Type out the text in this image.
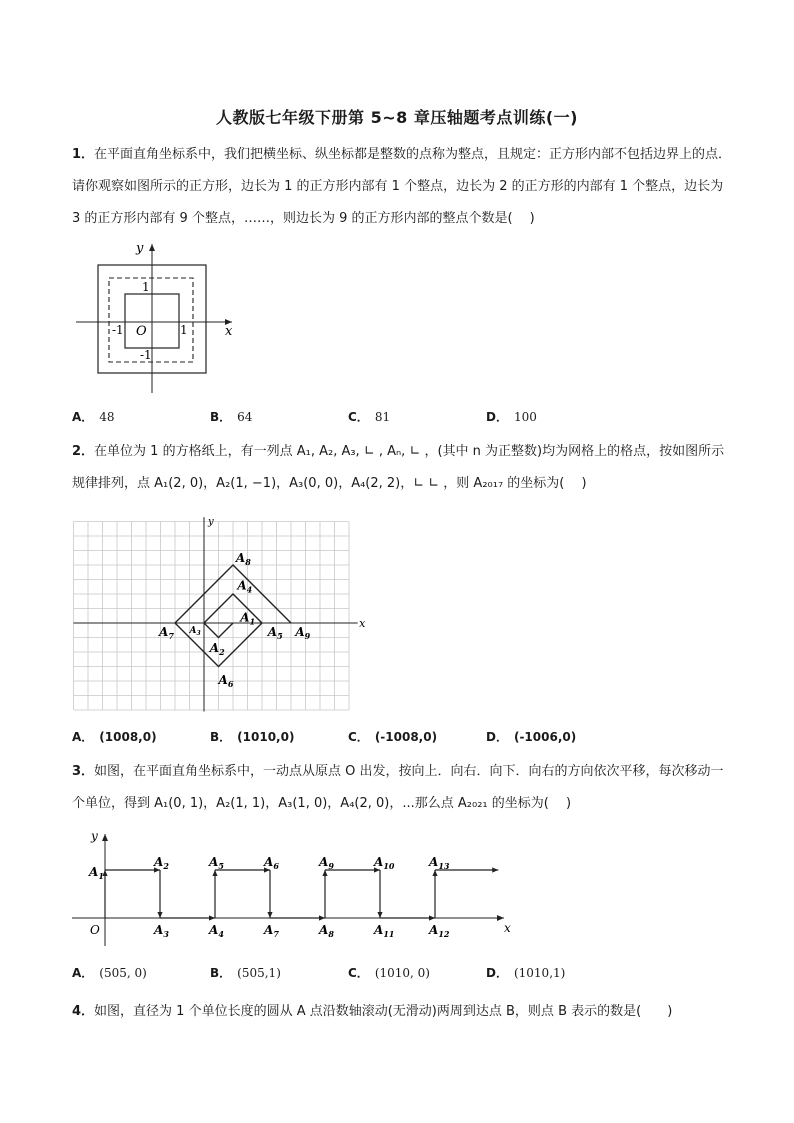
人教版七年级下册第 5~8 章压轴题考点训练(一)
1．在平面直角坐标系中，我们把横坐标、纵坐标都是整数的点称为整点，且规定：正方形内部不包括边界上的点．请你观察如图所示的正方形，边长为 1 的正方形内部有 1 个整点，边长为 2 的正方形的内部有 1 个整点，边长为 3 的正方形内部有 9 个整点，……，则边长为 9 的正方形内部的整点个数是(　 )
x
y
O
1
-1	1
-1
A． 48	B． 64	C． 81	D． 100
2．在单位为 1 的方格纸上，有一列点 A₁, A₂, A₃, ∟ , Aₙ, ∟ ，(其中 n 为正整数)均为网格上的格点，按如图所示规律排列，点 A₁(2, 0)，A₂(1, −1)，A₃(0, 0)，A₄(2, 2)，∟ ∟ ，则 A₂₀₁₇ 的坐标为(　 )
x
y
$A_8$
$A_4$
$A_1$
$A_3$
$A_7$	$A_5$ $A_9$
$A_2$
$A_6$
A． (1008,0)	B． (1010,0)	C． (-1008,0)	D． (-1006,0)
3．如图，在平面直角坐标系中，一动点从原点 O 出发，按向上．向右．向下．向右的方向依次平移，每次移动一个单位，得到 A₁(0, 1)，A₂(1, 1)，A₃(1, 0)，A₄(2, 0)，...那么点 A₂₀₂₁ 的坐标为(　 )
x
y
O
$A_1$
$A_2$	$A_5$	$A_6$	$A_9$	$A_{10}$	$A_{13}$
$A_3$	$A_4$	$A_7$	$A_8$	$A_{11}$	$A_{12}$
A． (505, 0)	B． (505,1)	C． (1010, 0)	D． (1010,1)
4．如图，直径为 1 个单位长度的圆从 A 点沿数轴滚动(无滑动)两周到达点 B，则点 B 表示的数是(　　)
